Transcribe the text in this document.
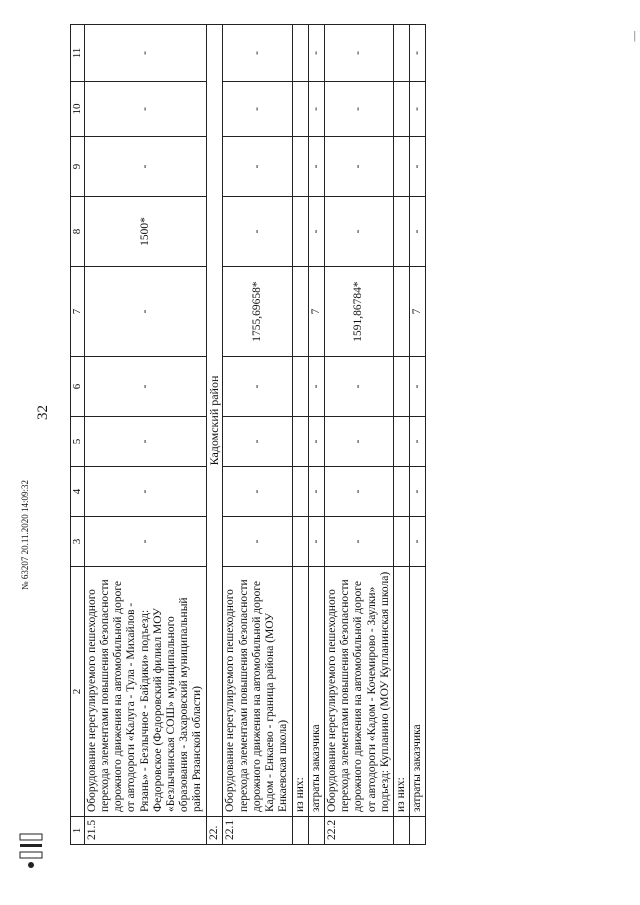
32
|
№ 63207 20.11.2020 14:09:32
1	2	3	4	5	6	7	8	9	10	11
21.5	Оборудование нерегулируемого пешеходного перехода элементами повышения безопасности дорожного движения на автомобильной дороге от автодороги «Калуга - Тула - Михайлов - Рязань» - Безлычное - Байдики» подъезд: Федоровское (Федоровский филиал МОУ «Безлычинская СОШ» муниципального образования - Захаровский муниципальный район Рязанской области)	-	-	-	-	-	1500*	-	-	-
22.	Кадомский район									
22.1	Оборудование нерегулируемого пешеходного перехода элементами повышения безопасности дорожного движения на автомобильной дороге Кадом - Енкаево - граница района (МОУ Енкаевская школа)	-	-	-	-	1755,69658*	-	-	-	-
	из них:									
	затраты заказчика	-	-	-	-	7	-	-	-	-
22.2	Оборудование нерегулируемого пешеходного перехода элементами повышения безопасности дорожного движения на автомобильной дороге от автодороги «Кадом - Кочемирово - Заулки» подъезд: Купланино (МОУ Купланинская школа)	-	-	-	-	1591,86784*	-	-	-	-
	из них:									
	затраты заказчика	-	-	-	-	7	-	-	-	-
